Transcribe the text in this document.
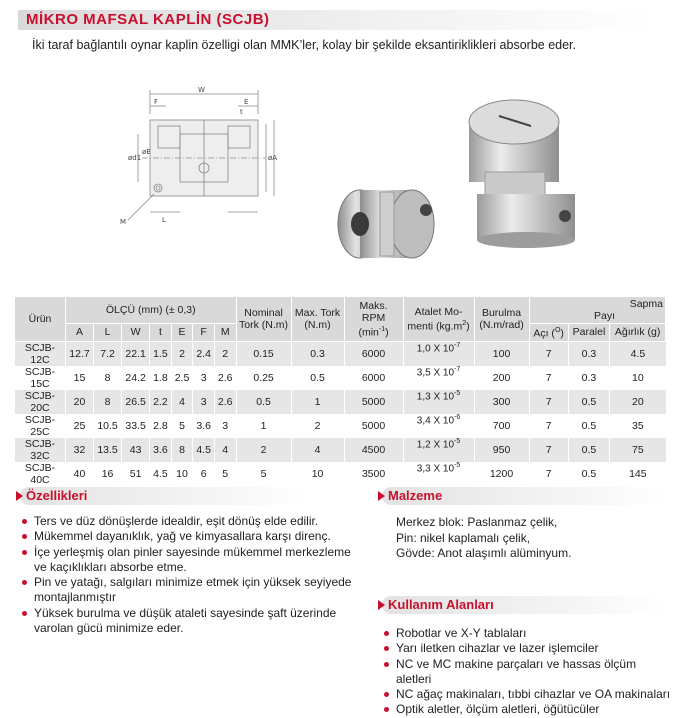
MİKRO MAFSAL KAPLİN (SCJB)
İki taraf bağlantılı oynar kaplin özelligi olan MMK’ler, kolay bir şekilde eksantiriklikleri absorbe eder.
W
F	E
t
ød1
øE
øA
M	L
Ürün	ÖLÇÜ (mm) (± 0,3)							Nominal Tork (N.m)	Max. Tork (N.m)	Maks. RPM
$(\min^{-1})$	Atalet Mo-menti $(kg.m^2)$	Burulma (N.m/rad)	Sapma
Payı		
	A	L	W	t	E	F	M						Açı ($^O$)	Paralel	Ağırlık (g)
SCJB-12C	12.7	7.2	22.1	1.5	2	2.4	2	0.15	0.3	6000	1,0 X $10^{-7}$	100	7	0.3	4.5
SCJB-15C	15	8	24.2	1.8	2.5	3	2.6	0.25	0.5	6000	3,5 X $10^{-7}$	200	7	0.3	10
SCJB-20C	20	8	26.5	2.2	4	3	2.6	0.5	1	5000	1,3 X $10^{-5}$	300	7	0.5	20
SCJB-25C	25	10.5	33.5	2.8	5	3.6	3	1	2	5000	3,4 X $10^{-6}$	700	7	0.5	35
SCJB-32C	32	13.5	43	3.6	8	4.5	4	2	4	4500	1,2 X $10^{-5}$	950	7	0.5	75
SCJB-40C	40	16	51	4.5	10	6	5	5	10	3500	3,3 X $10^{-5}$	1200	7	0.5	145
Özellikleri
Ters ve düz dönüşlerde idealdir, eşit dönüş elde edilir.
Mükemmel dayanıklık, yağ ve kimyasallara karşı direnç.
İçe yerleşmiş olan pinler sayesinde mükemmel merkezleme ve kaçıklıkları absorbe etme.
Pin ve yatağı, salgıları minimize etmek için yüksek seyiyede montajlanmıştır
Yüksek burulma ve düşük ataleti sayesinde şaft üzerinde varolan gücü minimize eder.
Malzeme
Merkez blok: Paslanmaz çelik,
Pin: nikel kaplamalı çelik,
Gövde: Anot alaşımlı alüminyum.
Kullanım Alanları
Robotlar ve X-Y tablaları
Yarı iletken cihazlar ve lazer işlemciler
NC ve MC makine parçaları ve hassas ölçüm aletleri
NC ağaç makinaları, tıbbi cihazlar ve OA makinaları
Optik aletler, ölçüm aletleri, öğütücüler
